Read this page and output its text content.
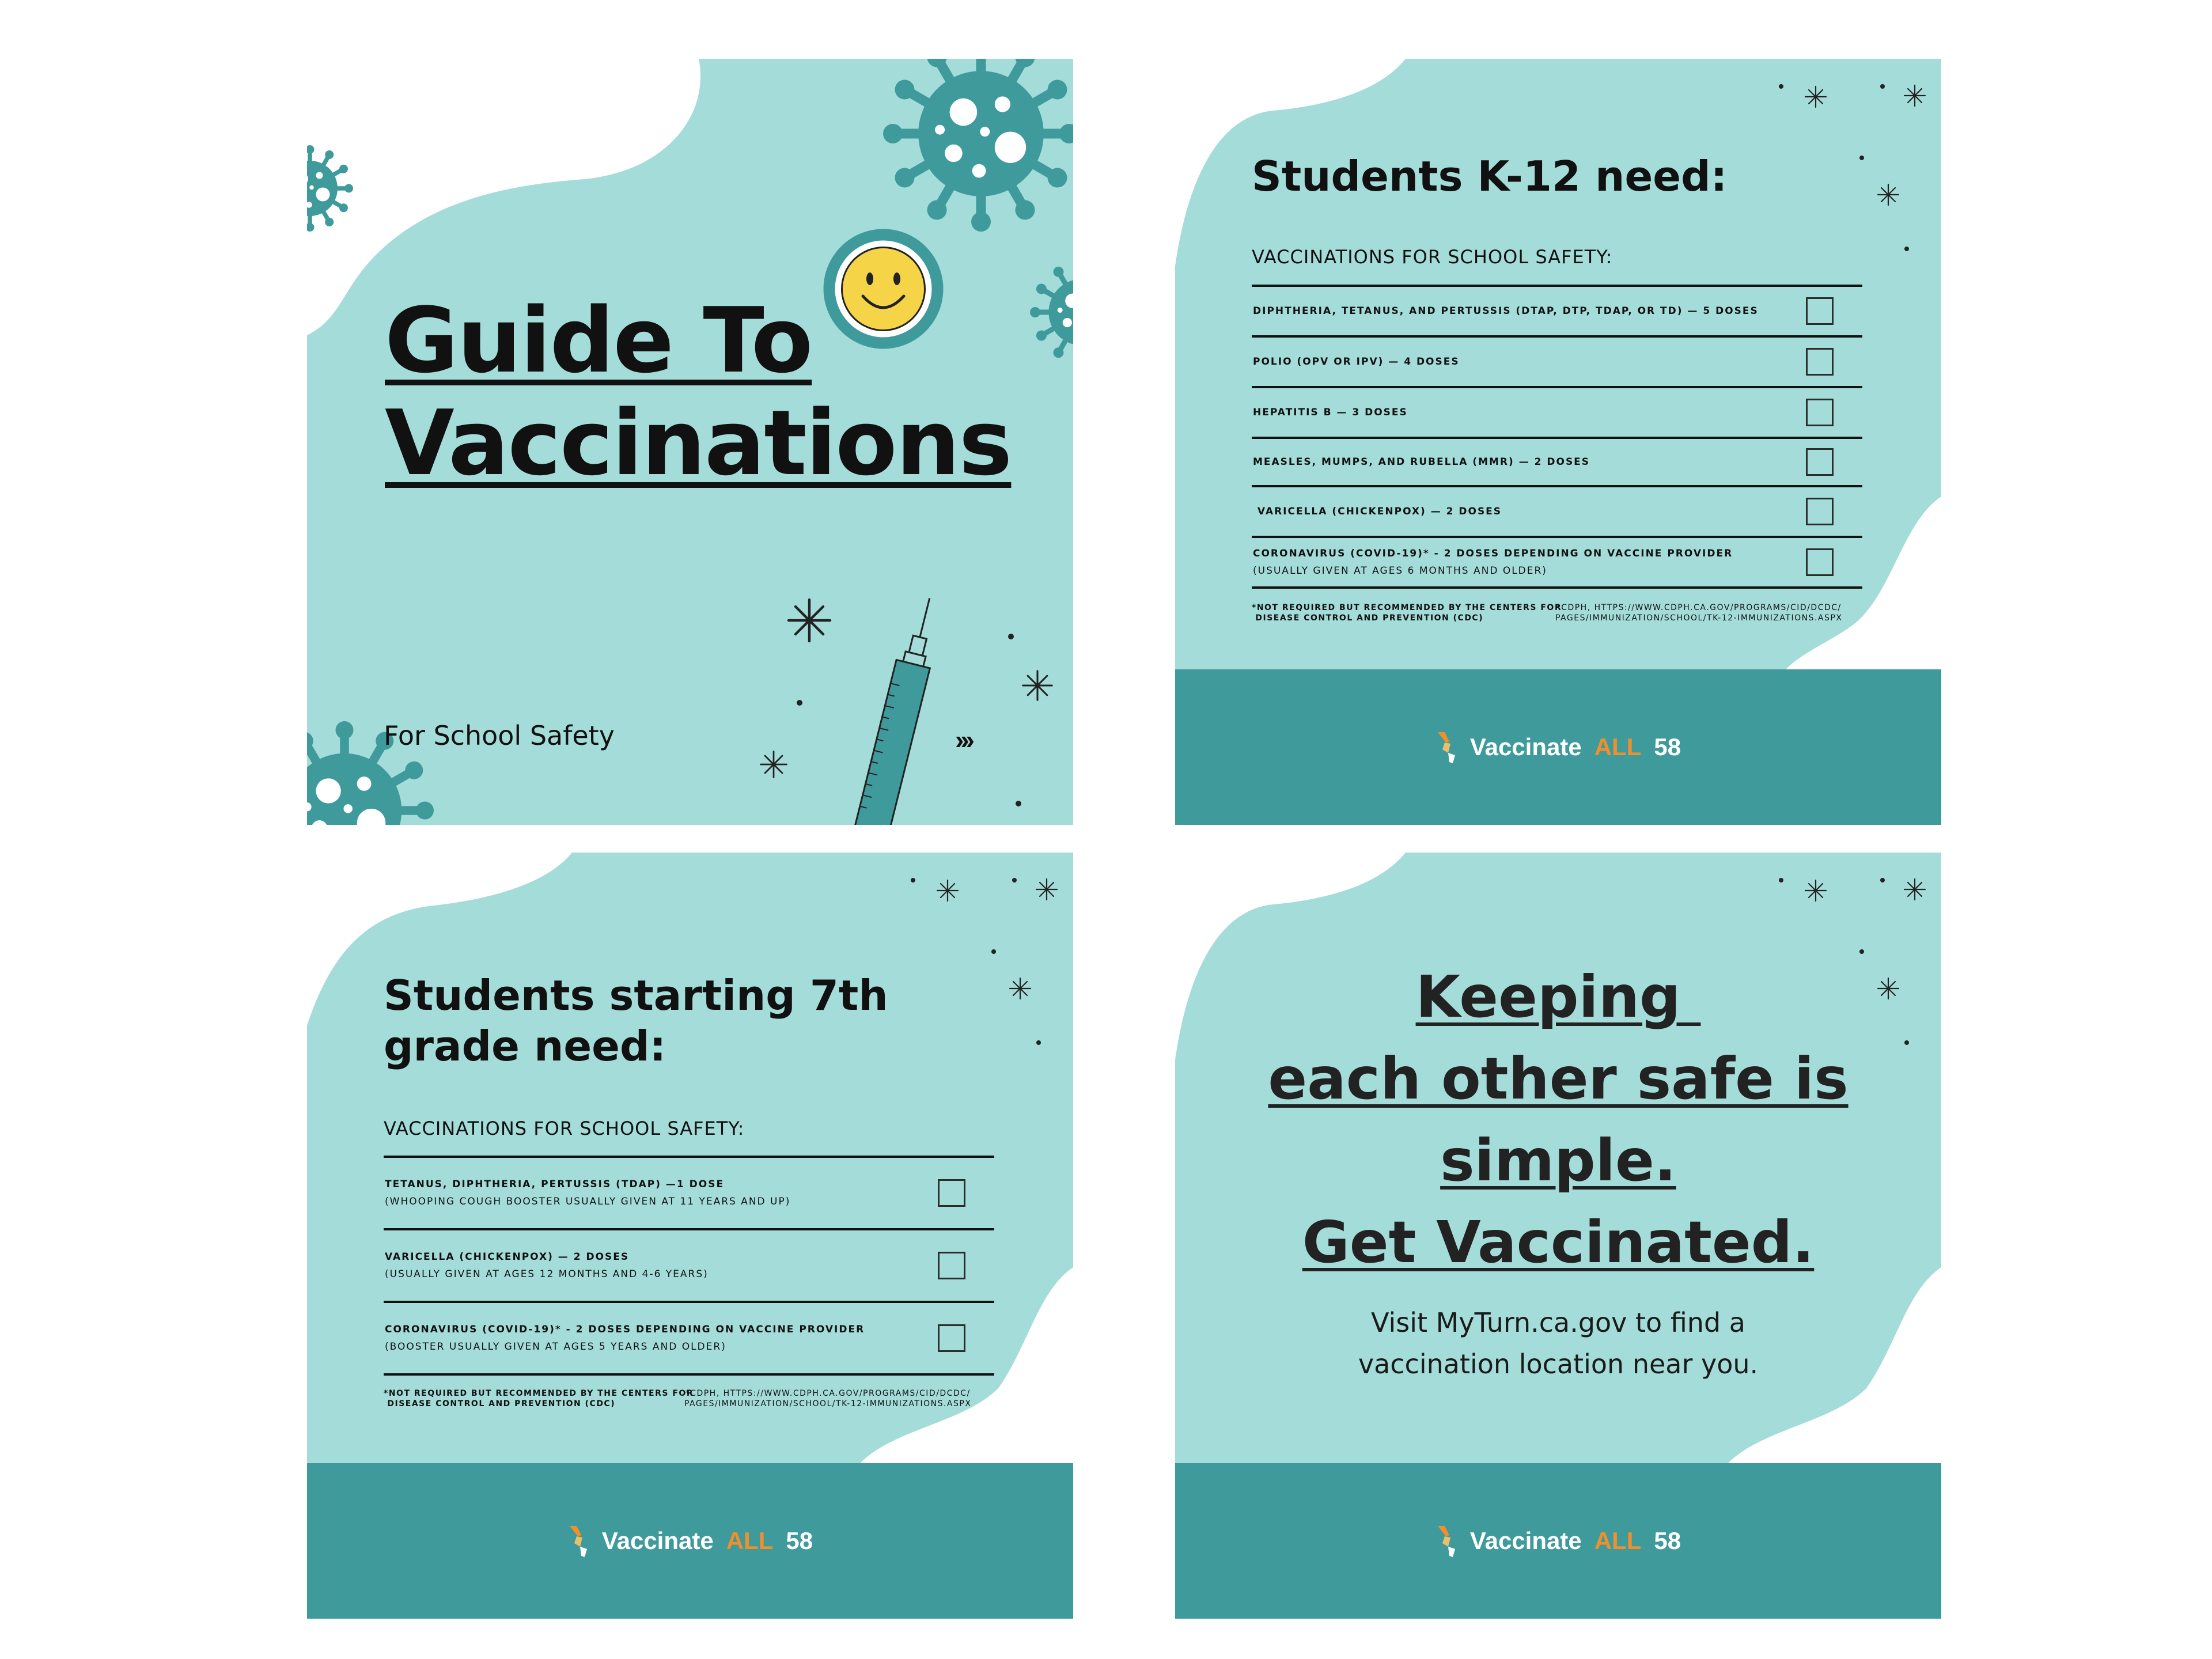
Guide To
Vaccinations
For School Safety	›››
Students K-12 need:
VACCINATIONS FOR SCHOOL SAFETY:
DIPHTHERIA, TETANUS, AND PERTUSSIS (DTAP, DTP, TDAP, OR TD) — 5 DOSES
POLIO (OPV OR IPV) — 4 DOSES
HEPATITIS B — 3 DOSES
MEASLES, MUMPS, AND RUBELLA (MMR) — 2 DOSES
VARICELLA (CHICKENPOX) — 2 DOSES
CORONAVIRUS (COVID-19)* - 2 DOSES DEPENDING ON VACCINE PROVIDER
(USUALLY GIVEN AT AGES 6 MONTHS AND OLDER)
*NOT REQUIRED BUT RECOMMENDED BY THE CENTERS FOR
DISEASE CONTROL AND PREVENTION (CDC)
*CDPH, HTTPS://WWW.CDPH.CA.GOV/PROGRAMS/CID/DCDC/
PAGES/IMMUNIZATION/SCHOOL/TK-12-IMMUNIZATIONS.ASPX
Vaccinate ALL 58
Students starting 7th
grade need:
VACCINATIONS FOR SCHOOL SAFETY:
TETANUS, DIPHTHERIA, PERTUSSIS (TDAP) —1 DOSE
(WHOOPING COUGH BOOSTER USUALLY GIVEN AT 11 YEARS AND UP)
VARICELLA (CHICKENPOX) — 2 DOSES
(USUALLY GIVEN AT AGES 12 MONTHS AND 4-6 YEARS)
CORONAVIRUS (COVID-19)* - 2 DOSES DEPENDING ON VACCINE PROVIDER
(BOOSTER USUALLY GIVEN AT AGES 5 YEARS AND OLDER)
*NOT REQUIRED BUT RECOMMENDED BY THE CENTERS FOR
DISEASE CONTROL AND PREVENTION (CDC)
*CDPH, HTTPS://WWW.CDPH.CA.GOV/PROGRAMS/CID/DCDC/
PAGES/IMMUNIZATION/SCHOOL/TK-12-IMMUNIZATIONS.ASPX
Vaccinate ALL 58
Keeping
each other safe is
simple.
Get Vaccinated.
Visit MyTurn.ca.gov to find a
vaccination location near you.
Vaccinate ALL 58
